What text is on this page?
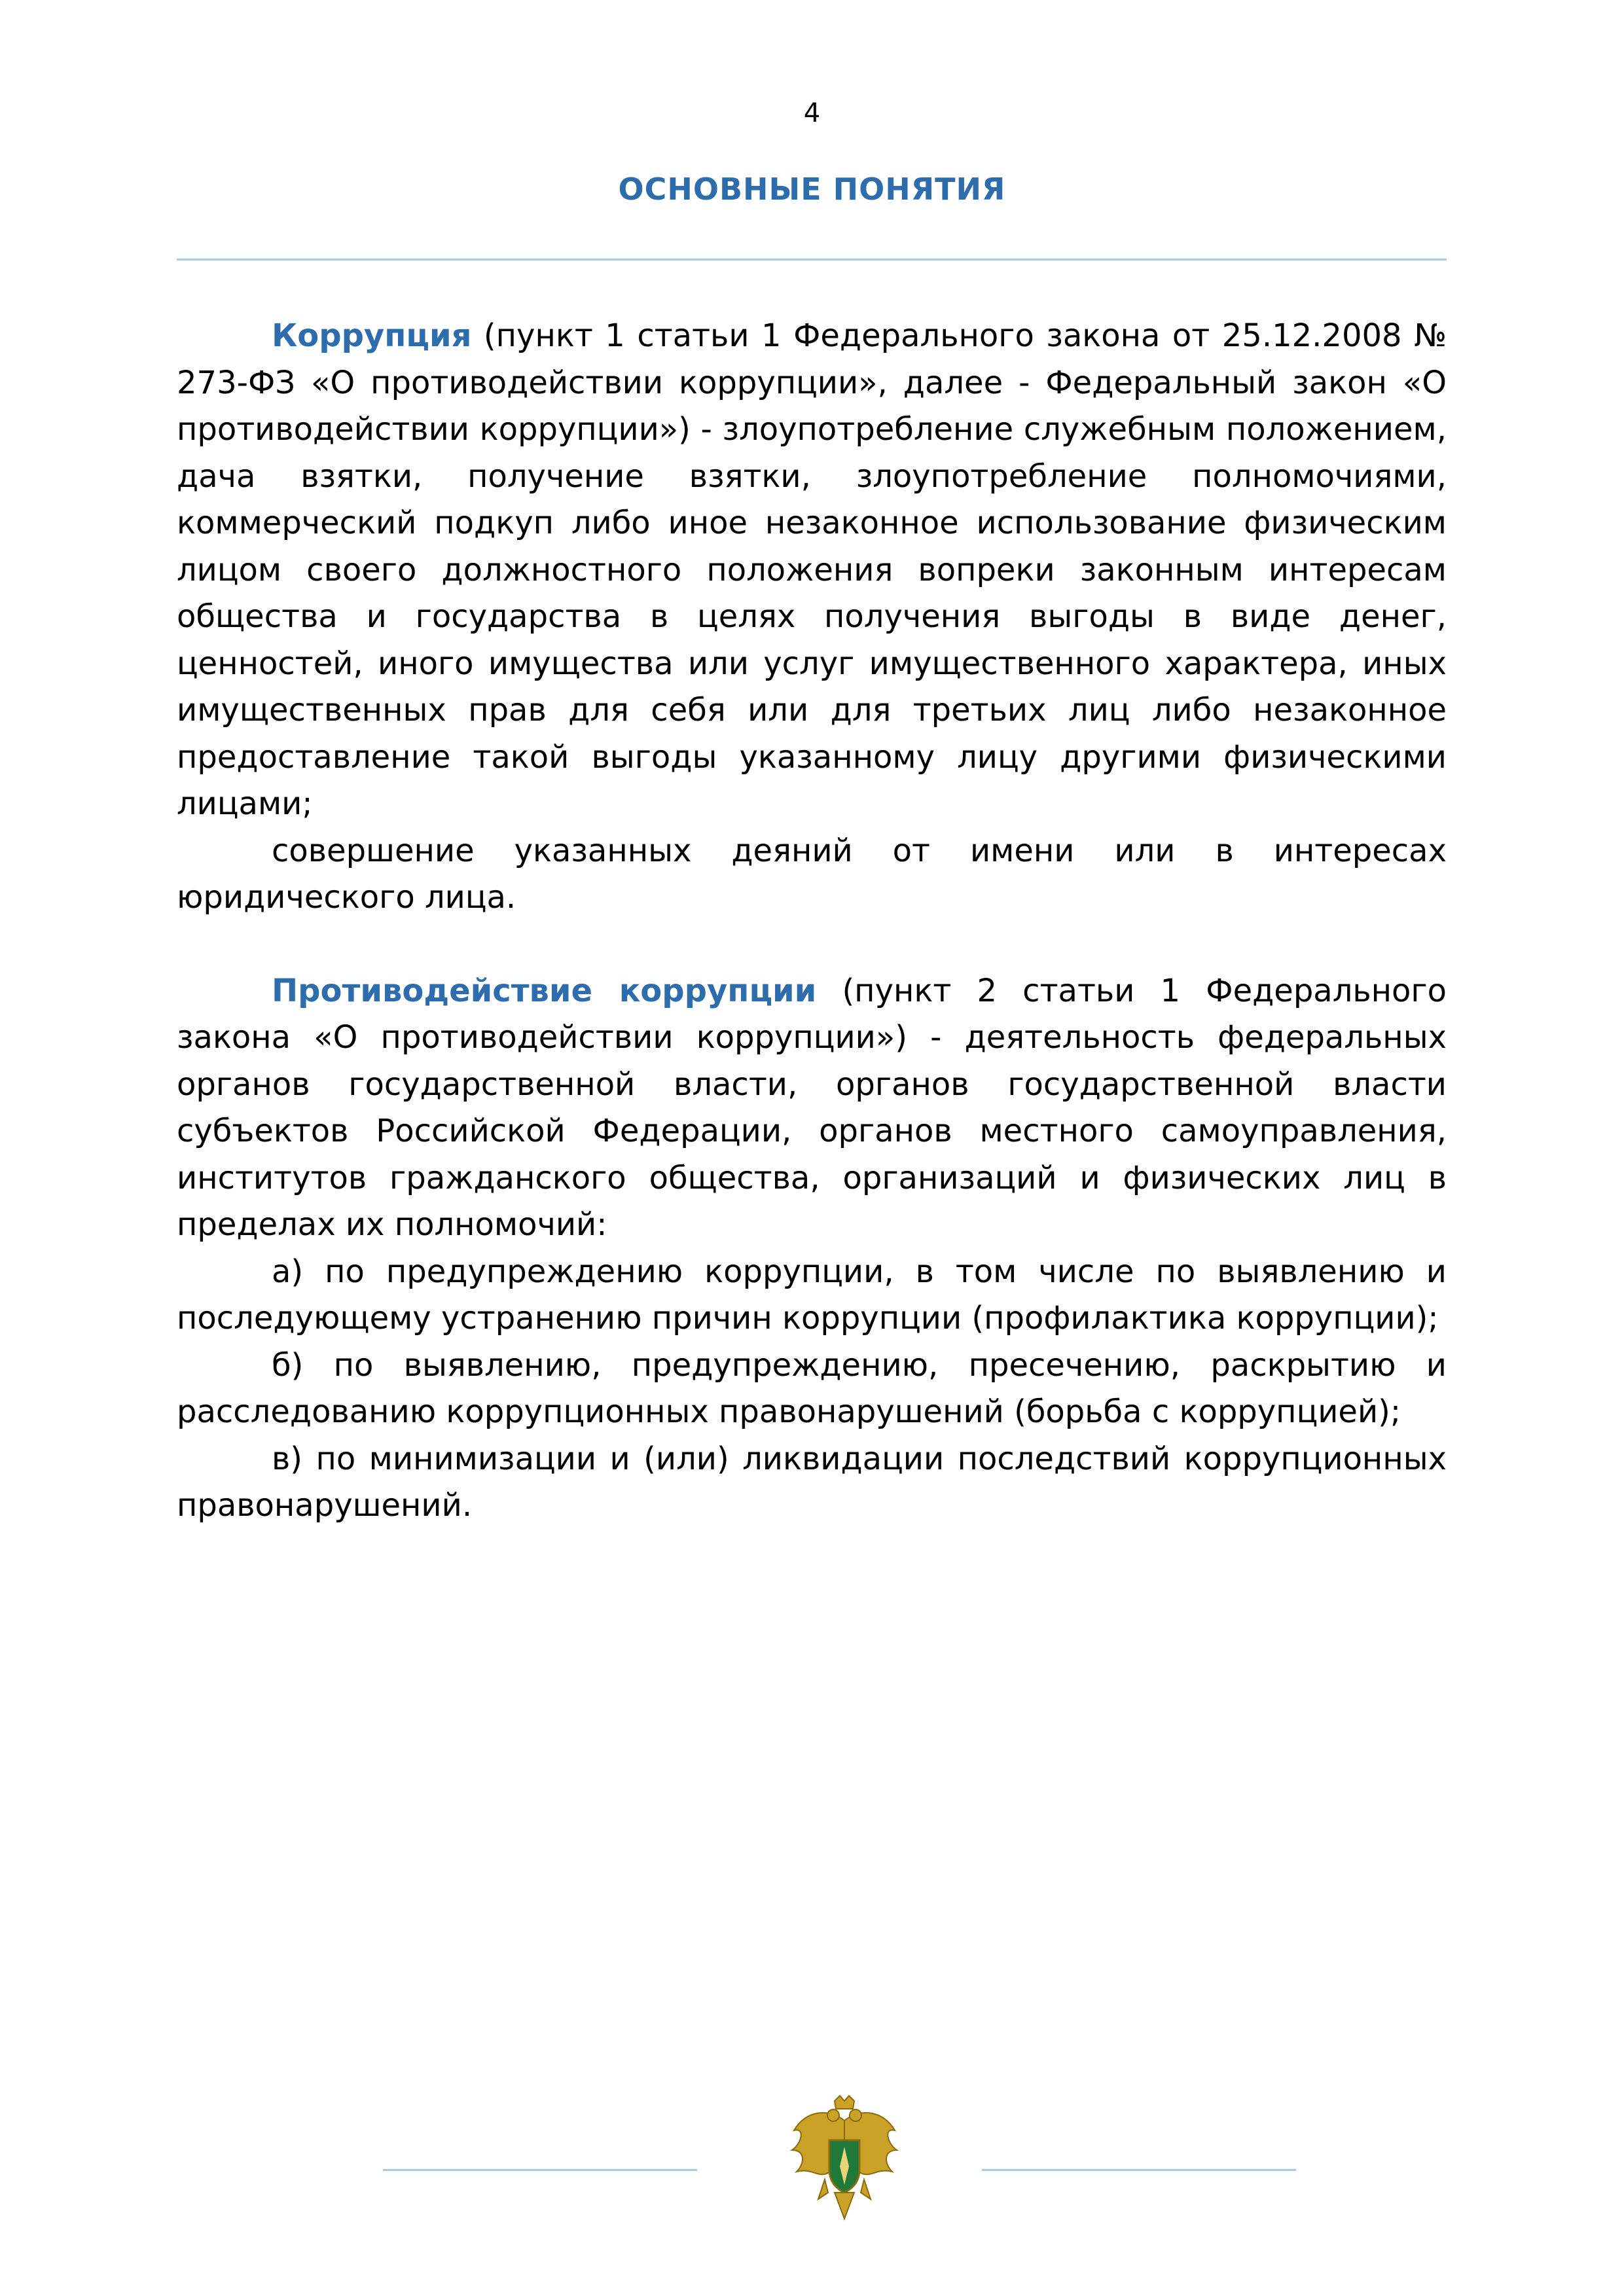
4
ОСНОВНЫЕ ПОНЯТИЯ

Коррупция (пункт 1 статьи 1 Федерального закона от 25.12.2008 № 273-ФЗ «О противодействии коррупции», далее - Федеральный закон «О противодействии коррупции») - злоупотребление служебным положением, дача взятки, получение взятки, злоупотребление полномочиями, коммерческий подкуп либо иное незаконное использование физическим лицом своего должностного положения вопреки законным интересам общества и государства в целях получения выгоды в виде денег, ценностей, иного имущества или услуг имущественного характера, иных имущественных прав для себя или для третьих лиц либо незаконное предоставление такой выгоды указанному лицу другими физическими лицами;

совершение указанных деяний от имени или в интересах юридического лица.

Противодействие коррупции (пункт 2 статьи 1 Федерального закона «О противодействии коррупции») - деятельность федеральных органов государственной власти, органов государственной власти субъектов Российской Федерации, органов местного самоуправления, институтов гражданского общества, организаций и физических лиц в пределах их полномочий:

а) по предупреждению коррупции, в том числе по выявлению и последующему устранению причин коррупции (профилактика коррупции);

б) по выявлению, предупреждению, пресечению, раскрытию и расследованию коррупционных правонарушений (борьба с коррупцией);

в) по минимизации и (или) ликвидации последствий коррупционных правонарушений.
